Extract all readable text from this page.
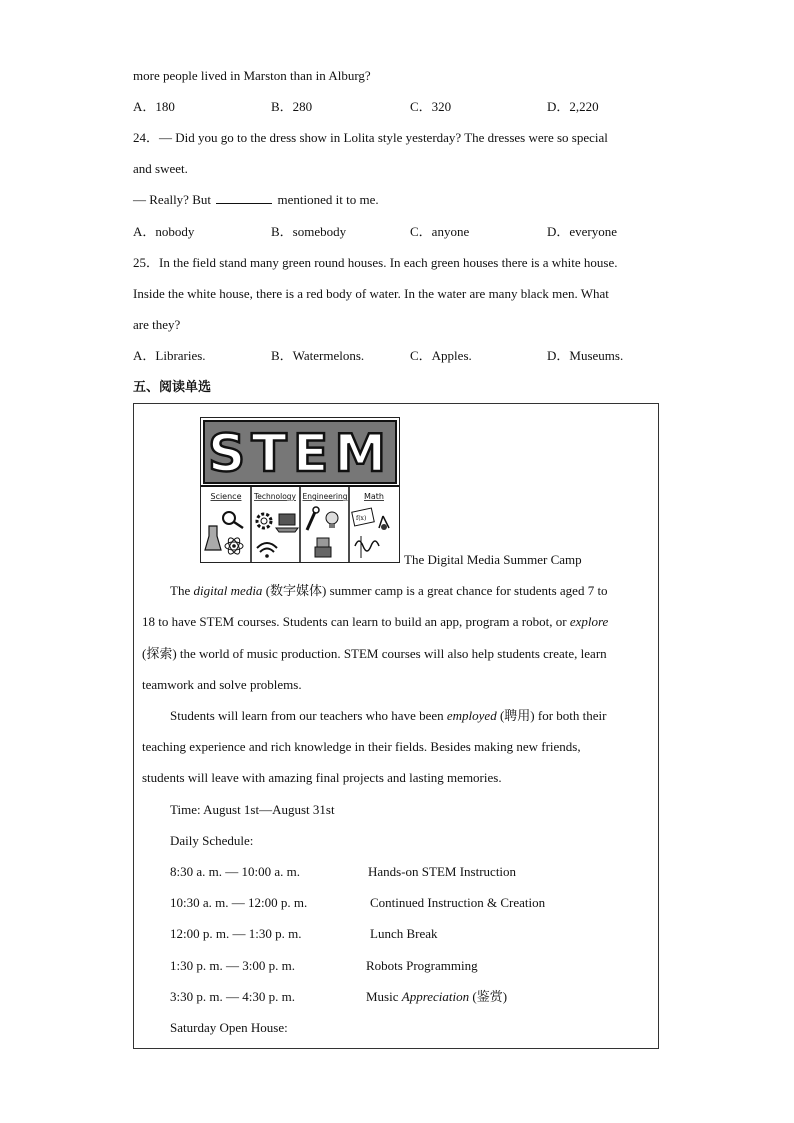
more people lived in Marston than in Alburg?
A．180	B．280	C．320	D．2,220
24．— Did you go to the dress show in Lolita style yesterday? The dresses were so special
and sweet.
— Really? But	mentioned it to me.
A．nobody	B．somebody	C．anyone	D．everyone
25．In the field stand many green round houses. In each green houses there is a white house.
Inside the white house, there is a red body of water. In the water are many black men. What
are they?
A．Libraries.	B．Watermelons.	C．Apples.	D．Museums.
五、阅读单选
STEM
Science Technology Engineering Math
f(x)
The Digital Media Summer Camp
The digital media (数字媒体) summer camp is a great chance for students aged 7 to
18 to have STEM courses. Students can learn to build an app, program a robot, or explore
(探索) the world of music production. STEM courses will also help students create, learn
teamwork and solve problems.
Students will learn from our teachers who have been employed (聘用) for both their
teaching experience and rich knowledge in their fields. Besides making new friends,
students will leave with amazing final projects and lasting memories.
Time: August 1st—August 31st
Daily Schedule:
8:30 a. m. — 10:00 a. m.	Hands-on STEM Instruction
10:30 a. m. — 12:00 p. m.	Continued Instruction & Creation
12:00 p. m. — 1:30 p. m.	Lunch Break
1:30 p. m. — 3:00 p. m.	Robots Programming
3:30 p. m. — 4:30 p. m.	Music Appreciation (鉴赏)
Saturday Open House:
